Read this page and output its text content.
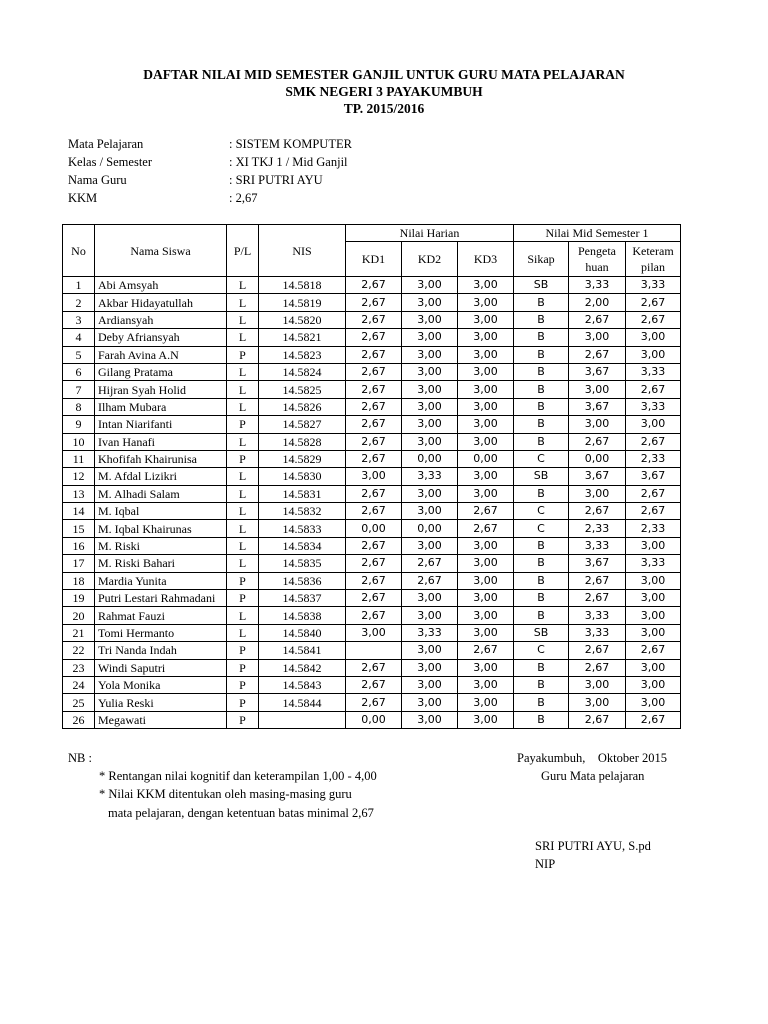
DAFTAR NILAI MID SEMESTER GANJIL UNTUK GURU MATA PELAJARAN
SMK NEGERI 3 PAYAKUMBUH
TP. 2015/2016
Mata Pelajaran	: SISTEM KOMPUTER
Kelas / Semester	: XI TKJ 1 / Mid Ganjil
Nama Guru	: SRI PUTRI AYU
KKM	: 2,67
No	Nama Siswa	P/L	NIS	Nilai Harian			Nilai Mid Semester 1		
				KD1	KD2	KD3	Sikap	Pengeta huan	Keteram pilan
1	Abi Amsyah	L	14.5818	2,67	3,00	3,00	SB	3,33	3,33
2	Akbar Hidayatullah	L	14.5819	2,67	3,00	3,00	B	2,00	2,67
3	Ardiansyah	L	14.5820	2,67	3,00	3,00	B	2,67	2,67
4	Deby Afriansyah	L	14.5821	2,67	3,00	3,00	B	3,00	3,00
5	Farah Avina A.N	P	14.5823	2,67	3,00	3,00	B	2,67	3,00
6	Gilang Pratama	L	14.5824	2,67	3,00	3,00	B	3,67	3,33
7	Hijran Syah Holid	L	14.5825	2,67	3,00	3,00	B	3,00	2,67
8	Ilham Mubara	L	14.5826	2,67	3,00	3,00	B	3,67	3,33
9	Intan Niarifanti	P	14.5827	2,67	3,00	3,00	B	3,00	3,00
10	Ivan Hanafi	L	14.5828	2,67	3,00	3,00	B	2,67	2,67
11	Khofifah Khairunisa	P	14.5829	2,67	0,00	0,00	C	0,00	2,33
12	M. Afdal Lizikri	L	14.5830	3,00	3,33	3,00	SB	3,67	3,67
13	M. Alhadi Salam	L	14.5831	2,67	3,00	3,00	B	3,00	2,67
14	M. Iqbal	L	14.5832	2,67	3,00	2,67	C	2,67	2,67
15	M. Iqbal Khairunas	L	14.5833	0,00	0,00	2,67	C	2,33	2,33
16	M. Riski	L	14.5834	2,67	3,00	3,00	B	3,33	3,00
17	M. Riski Bahari	L	14.5835	2,67	2,67	3,00	B	3,67	3,33
18	Mardia Yunita	P	14.5836	2,67	2,67	3,00	B	2,67	3,00
19	Putri Lestari Rahmadani	P	14.5837	2,67	3,00	3,00	B	2,67	3,00
20	Rahmat Fauzi	L	14.5838	2,67	3,00	3,00	B	3,33	3,00
21	Tomi Hermanto	L	14.5840	3,00	3,33	3,00	SB	3,33	3,00
22	Tri Nanda Indah	P	14.5841		3,00	2,67	C	2,67	2,67
23	Windi Saputri	P	14.5842	2,67	3,00	3,00	B	2,67	3,00
24	Yola Monika	P	14.5843	2,67	3,00	3,00	B	3,00	3,00
25	Yulia Reski	P	14.5844	2,67	3,00	3,00	B	3,00	3,00
26	Megawati	P		0,00	3,00	3,00	B	2,67	2,67
NB :
* Rentangan nilai kognitif dan keterampilan 1,00 - 4,00
* Nilai KKM ditentukan oleh masing-masing guru
mata pelajaran, dengan ketentuan batas minimal 2,67
Payakumbuh,    Oktober 2015
Guru Mata pelajaran
SRI PUTRI AYU, S.pd
NIP
